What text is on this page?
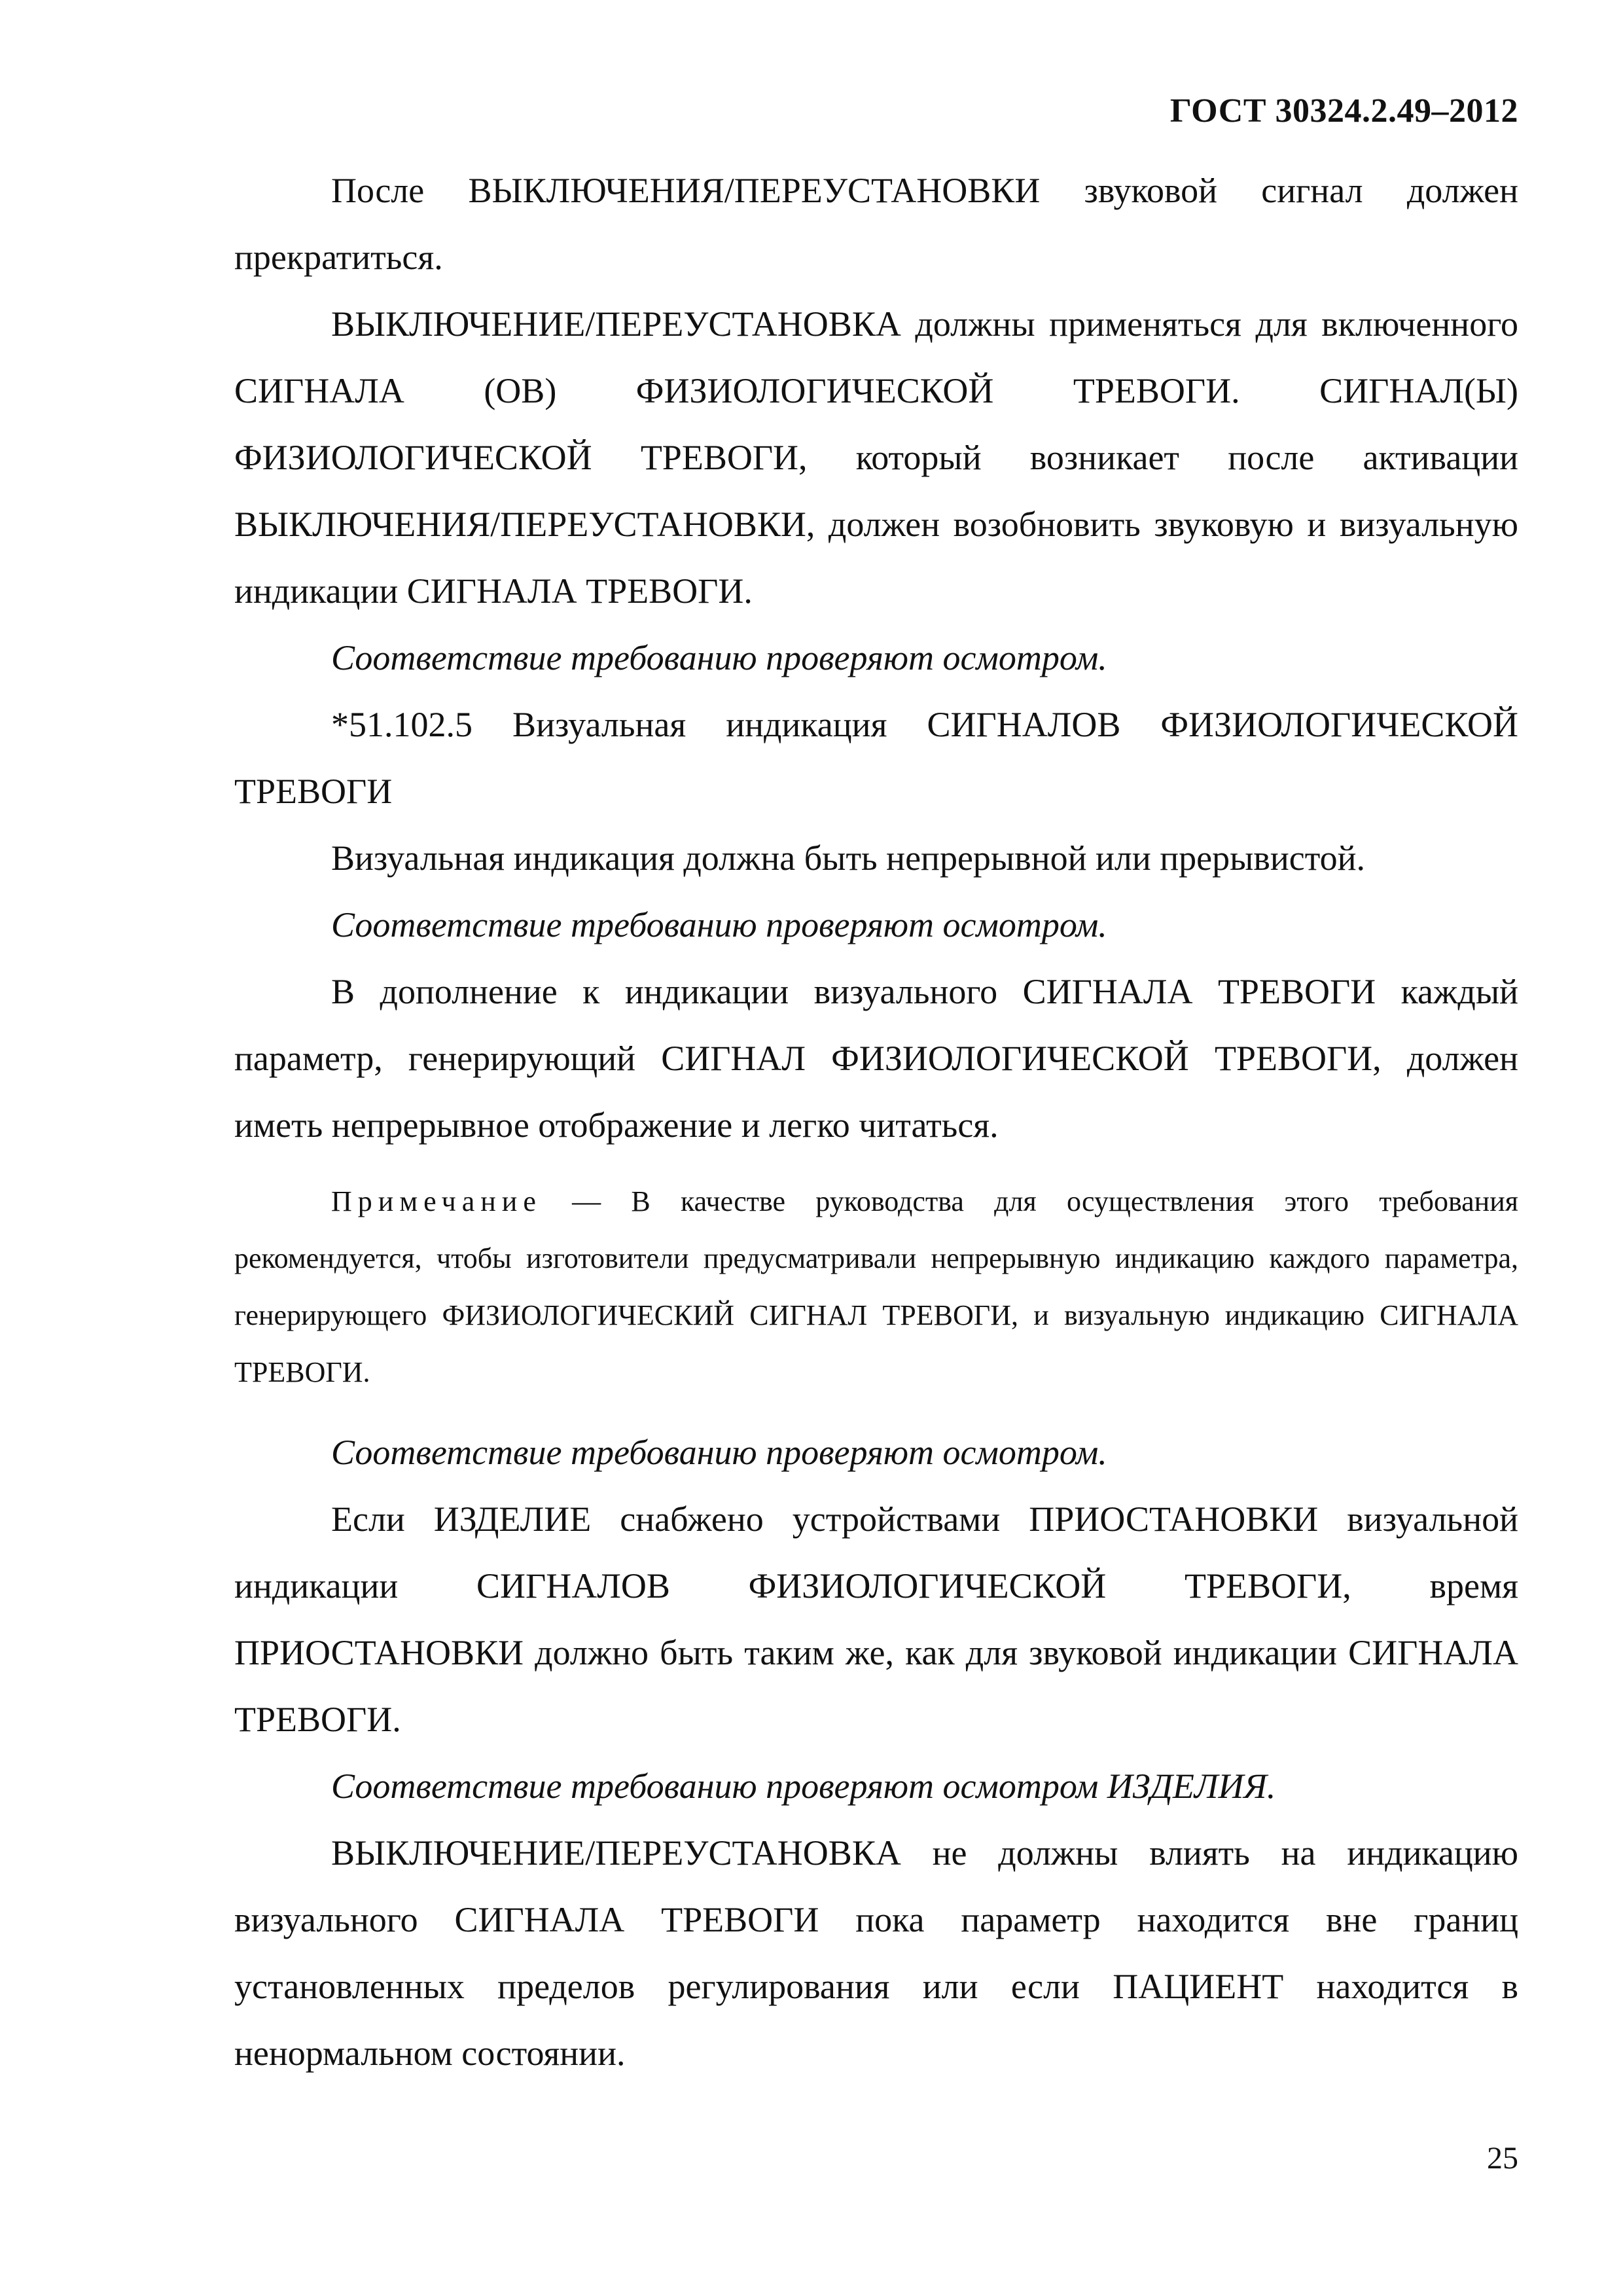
ГОСТ 30324.2.49–2012

После ВЫКЛЮЧЕНИЯ/ПЕРЕУСТАНОВКИ звуковой сигнал должен прекратиться.

ВЫКЛЮЧЕНИЕ/ПЕРЕУСТАНОВКА должны применяться для включенного СИГНАЛА (ОВ) ФИЗИОЛОГИЧЕСКОЙ ТРЕВОГИ. СИГНАЛ(Ы) ФИЗИОЛОГИЧЕСКОЙ ТРЕВОГИ, который возникает после активации ВЫКЛЮЧЕНИЯ/ПЕРЕУСТАНОВКИ, должен возобновить звуковую и визуальную индикации СИГНАЛА ТРЕВОГИ.

Соответствие требованию проверяют осмотром.

*51.102.5 Визуальная индикация СИГНАЛОВ ФИЗИОЛОГИЧЕСКОЙ ТРЕВОГИ

Визуальная индикация должна быть непрерывной или прерывистой.

Соответствие требованию проверяют осмотром.

В дополнение к индикации визуального СИГНАЛА ТРЕВОГИ каждый параметр, генерирующий СИГНАЛ ФИЗИОЛОГИЧЕСКОЙ ТРЕВОГИ, должен иметь непрерывное отображение и легко читаться.

Примечание — В качестве руководства для осуществления этого требования рекомендуется, чтобы изготовители предусматривали непрерывную индикацию каждого параметра, генерирующего ФИЗИОЛОГИЧЕСКИЙ СИГНАЛ ТРЕВОГИ, и визуальную индикацию СИГНАЛА ТРЕВОГИ.

Соответствие требованию проверяют осмотром.

Если ИЗДЕЛИЕ снабжено устройствами ПРИОСТАНОВКИ визуальной индикации СИГНАЛОВ ФИЗИОЛОГИЧЕСКОЙ ТРЕВОГИ, время ПРИОСТАНОВКИ должно быть таким же, как для звуковой индикации СИГНАЛА ТРЕВОГИ.

Соответствие требованию проверяют осмотром ИЗДЕЛИЯ.

ВЫКЛЮЧЕНИЕ/ПЕРЕУСТАНОВКА не должны влиять на индикацию визуального СИГНАЛА ТРЕВОГИ пока параметр находится вне границ установленных пределов регулирования или если ПАЦИЕНТ находится в ненормальном состоянии.

25
